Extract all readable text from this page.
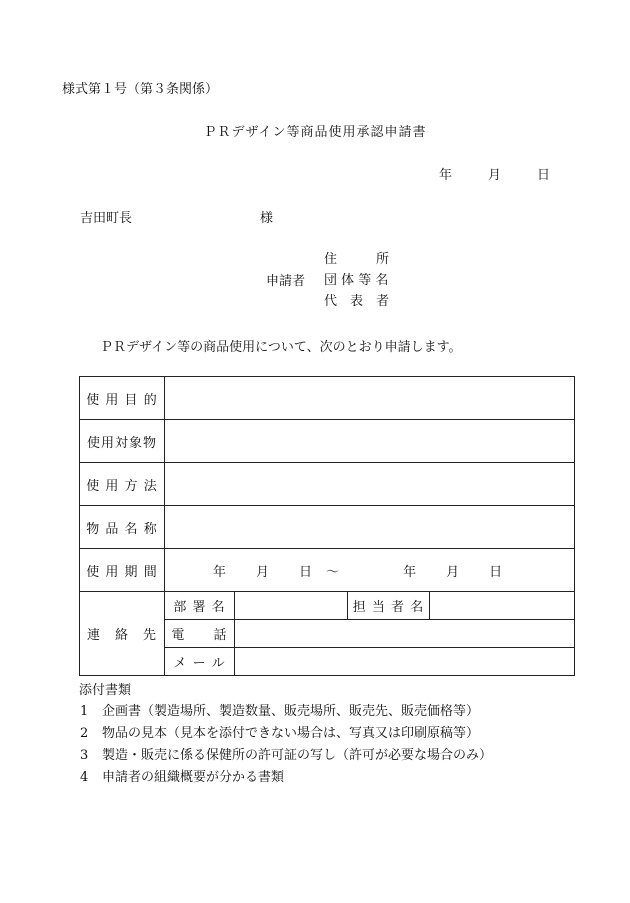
様式第１号（第３条関係）
ＰＲデザイン等商品使用承認申請書
年	月	日
吉田町長	様
申請者
住　　　所
団 体 等 名
代　表　者
ＰＲデザイン等の商品使用について、次のとおり申請します。
使 用 目 的				
使用対象物				
使 用 方 法				
物 品 名 称				
使 用 期 間	年 月 日 〜 年 月 日			
連　絡　先	部 署 名		担 当 者 名	
	電　　話			
	メ ー ル			
添付書類
1 企画書（製造場所、製造数量、販売場所、販売先、販売価格等）
2 物品の見本（見本を添付できない場合は、写真又は印刷原稿等）
3 製造・販売に係る保健所の許可証の写し（許可が必要な場合のみ）
4 申請者の組織概要が分かる書類
